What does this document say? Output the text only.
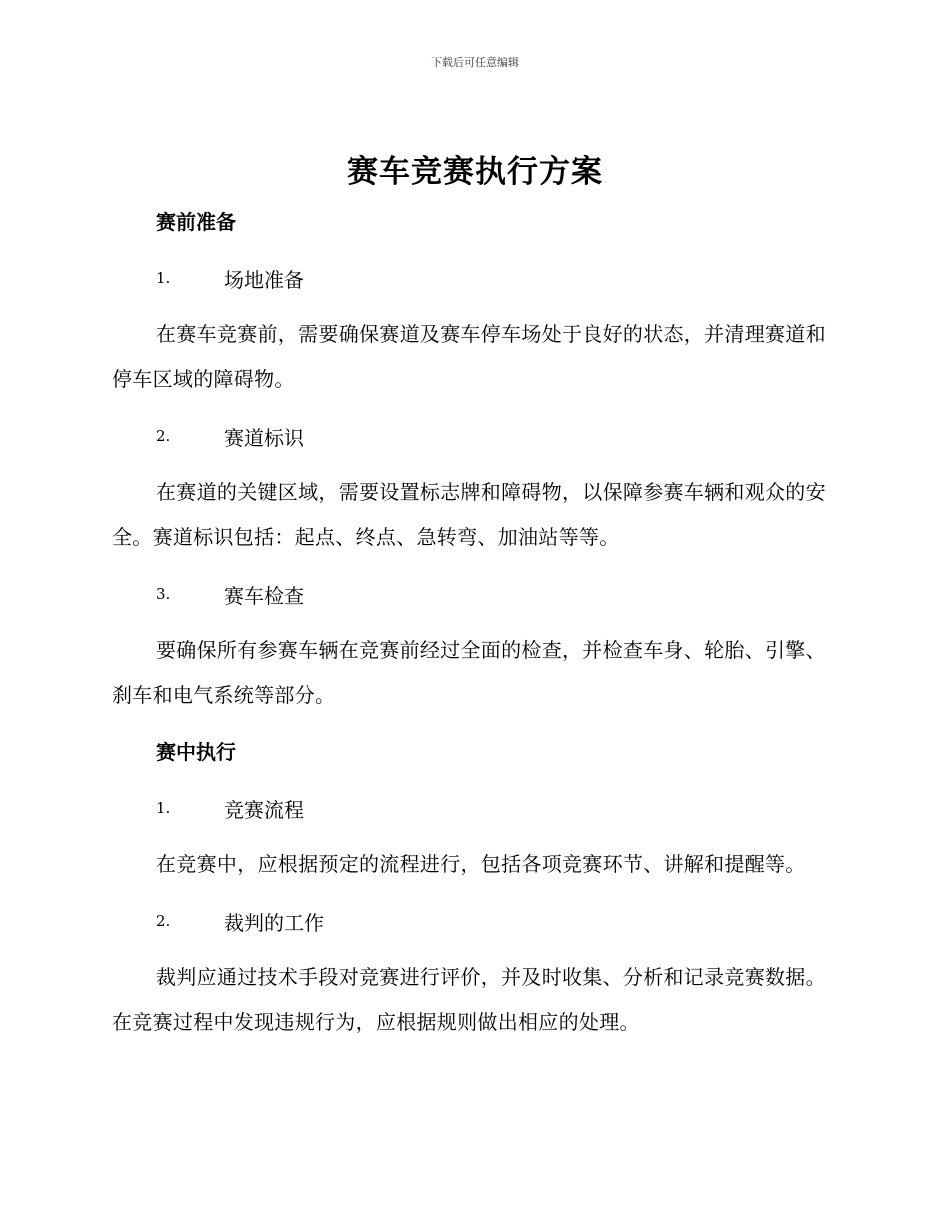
下载后可任意编辑
赛车竞赛执行方案
赛前准备
1.	场地准备

在赛车竞赛前，需要确保赛道及赛车停车场处于良好的状态，并清理赛道和停车区域的障碍物。

2.	赛道标识

在赛道的关键区域，需要设置标志牌和障碍物，以保障参赛车辆和观众的安全。赛道标识包括：起点、终点、急转弯、加油站等等。

3.	赛车检查

要确保所有参赛车辆在竞赛前经过全面的检查，并检查车身、轮胎、引擎、刹车和电气系统等部分。

赛中执行
1.	竞赛流程

在竞赛中，应根据预定的流程进行，包括各项竞赛环节、讲解和提醒等。

2.	裁判的工作

裁判应通过技术手段对竞赛进行评价，并及时收集、分析和记录竞赛数据。在竞赛过程中发现违规行为，应根据规则做出相应的处理。
